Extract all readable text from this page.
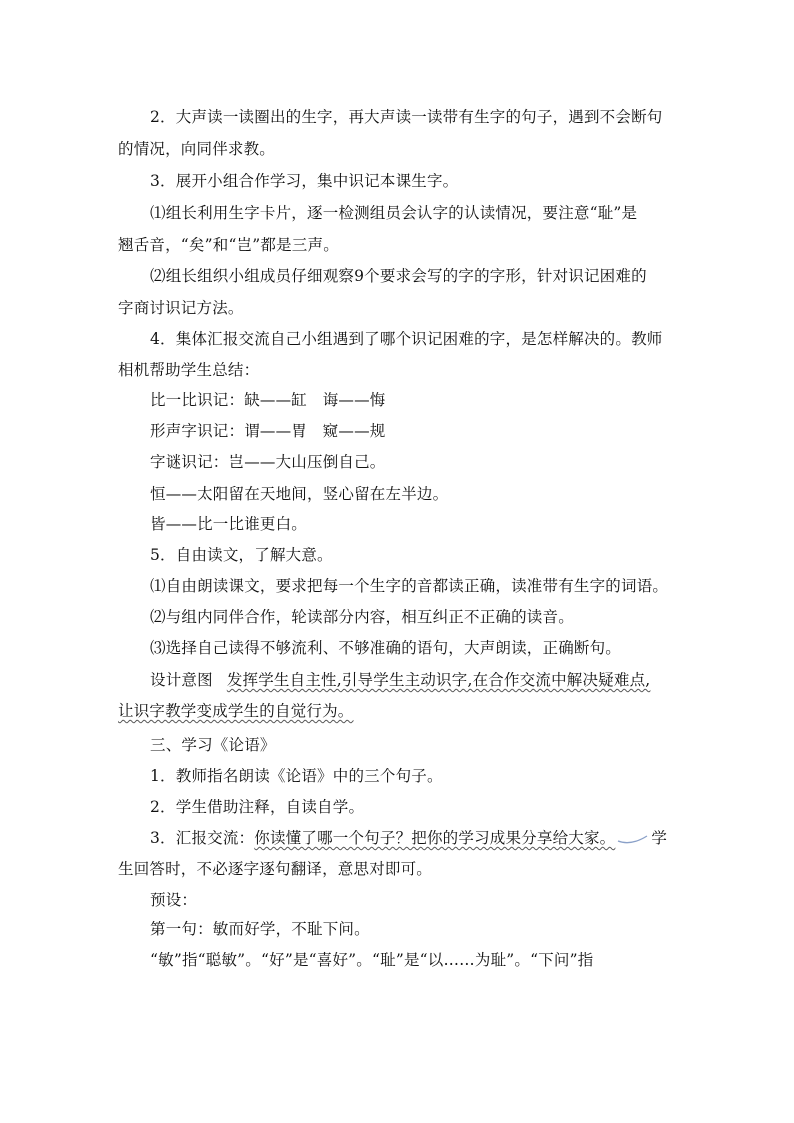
2．大声读一读圈出的生字，再大声读一读带有生字的句子，遇到不会断句
的情况，向同伴求教。
3．展开小组合作学习，集中识记本课生字。
⑴组长利用生字卡片，逐一检测组员会认字的认读情况，要注意“耻”是
翘舌音，“矣”和“岂”都是三声。
⑵组长组织小组成员仔细观察9个要求会写的字的字形，针对识记困难的
字商讨识记方法。
4．集体汇报交流自己小组遇到了哪个识记困难的字，是怎样解决的。教师
相机帮助学生总结：
比一比识记：缺——缸　诲——悔
形声字识记：谓——胃　窥——规
字谜识记：岂——大山压倒自己。
恒——太阳留在天地间，竖心留在左半边。
皆——比一比谁更白。
5．自由读文，了解大意。
⑴自由朗读课文，要求把每一个生字的音都读正确，读准带有生字的词语。
⑵与组内同伴合作，轮读部分内容，相互纠正不正确的读音。
⑶选择自己读得不够流利、不够准确的语句，大声朗读，正确断句。
设计意图 发挥学生自主性,引导学生主动识字,在合作交流中解决疑难点,
让识字教学变成学生的自觉行为。
三、学习《论语》
1．教师指名朗读《论语》中的三个句子。
2．学生借助注释，自读自学。
3．汇报交流：你读懂了哪一个句子？把你的学习成果分享给大家。 学
生回答时，不必逐字逐句翻译，意思对即可。
预设：
第一句：敏而好学，不耻下问。
“敏”指“聪敏”。“好”是“喜好”。“耻”是“以……为耻”。“下问”指
